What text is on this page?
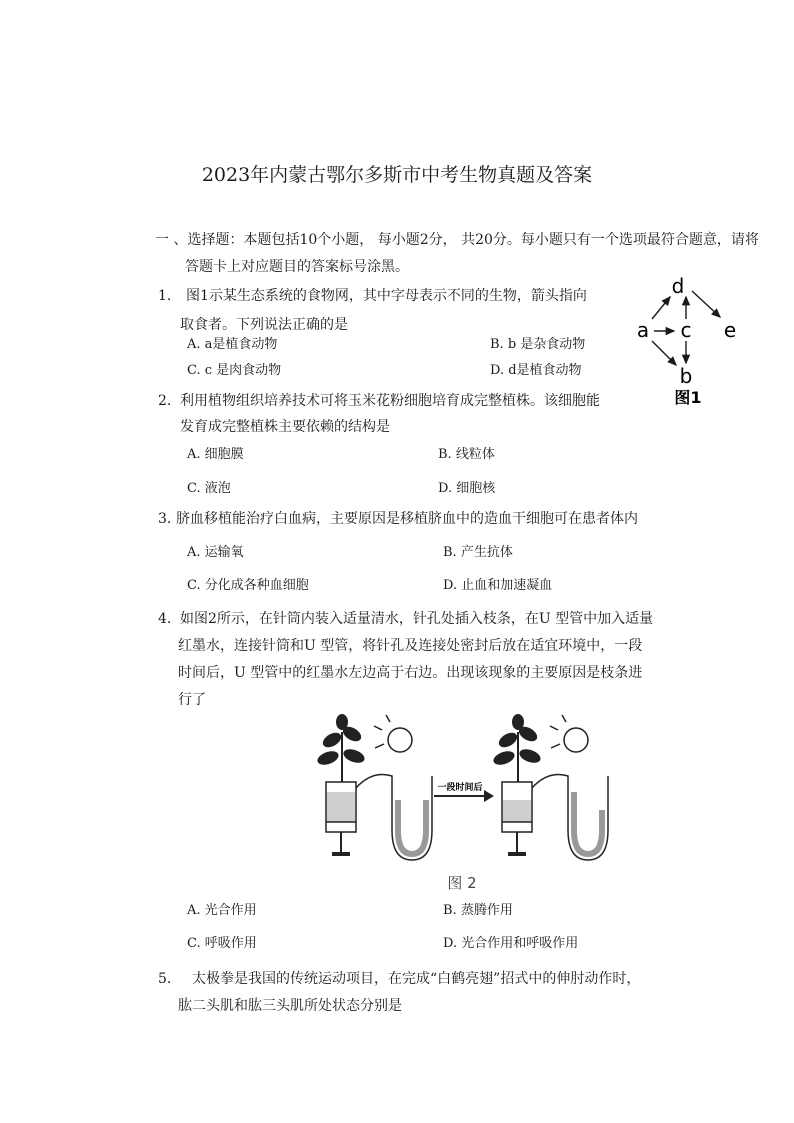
2023年内蒙古鄂尔多斯市中考生物真题及答案
一 、选择题：本题包括10个小题， 每小题2分， 共20分。每小题只有一个选项最符合题意，请将
答题卡上对应题目的答案标号涂黑。
1. 图1示某生态系统的食物网，其中字母表示不同的生物，箭头指向
取食者。下列说法正确的是
A. a是植食动物	B. b 是杂食动物
C. c 是肉食动物	D. d是植食动物
d
a c e
b
图1
2. 利用植物组织培养技术可将玉米花粉细胞培育成完整植株。该细胞能
发育成完整植株主要依赖的结构是
A. 细胞膜	B. 线粒体
C. 液泡	D. 细胞核
3. 脐血移植能治疗白血病，主要原因是移植脐血中的造血干细胞可在患者体内
A. 运输氧	B. 产生抗体
C. 分化成各种血细胞	D. 止血和加速凝血
4. 如图2所示，在针筒内装入适量清水，针孔处插入枝条，在U 型管中加入适量
红墨水，连接针筒和U 型管，将针孔及连接处密封后放在适宜环境中，一段
时间后，U 型管中的红墨水左边高于右边。出现该现象的主要原因是枝条进
行了
一段时间后
图 2
A. 光合作用	B. 蒸腾作用
C. 呼吸作用	D. 光合作用和呼吸作用
5. 太极拳是我国的传统运动项目，在完成“白鹤亮翅”招式中的伸肘动作时，
肱二头肌和肱三头肌所处状态分别是
